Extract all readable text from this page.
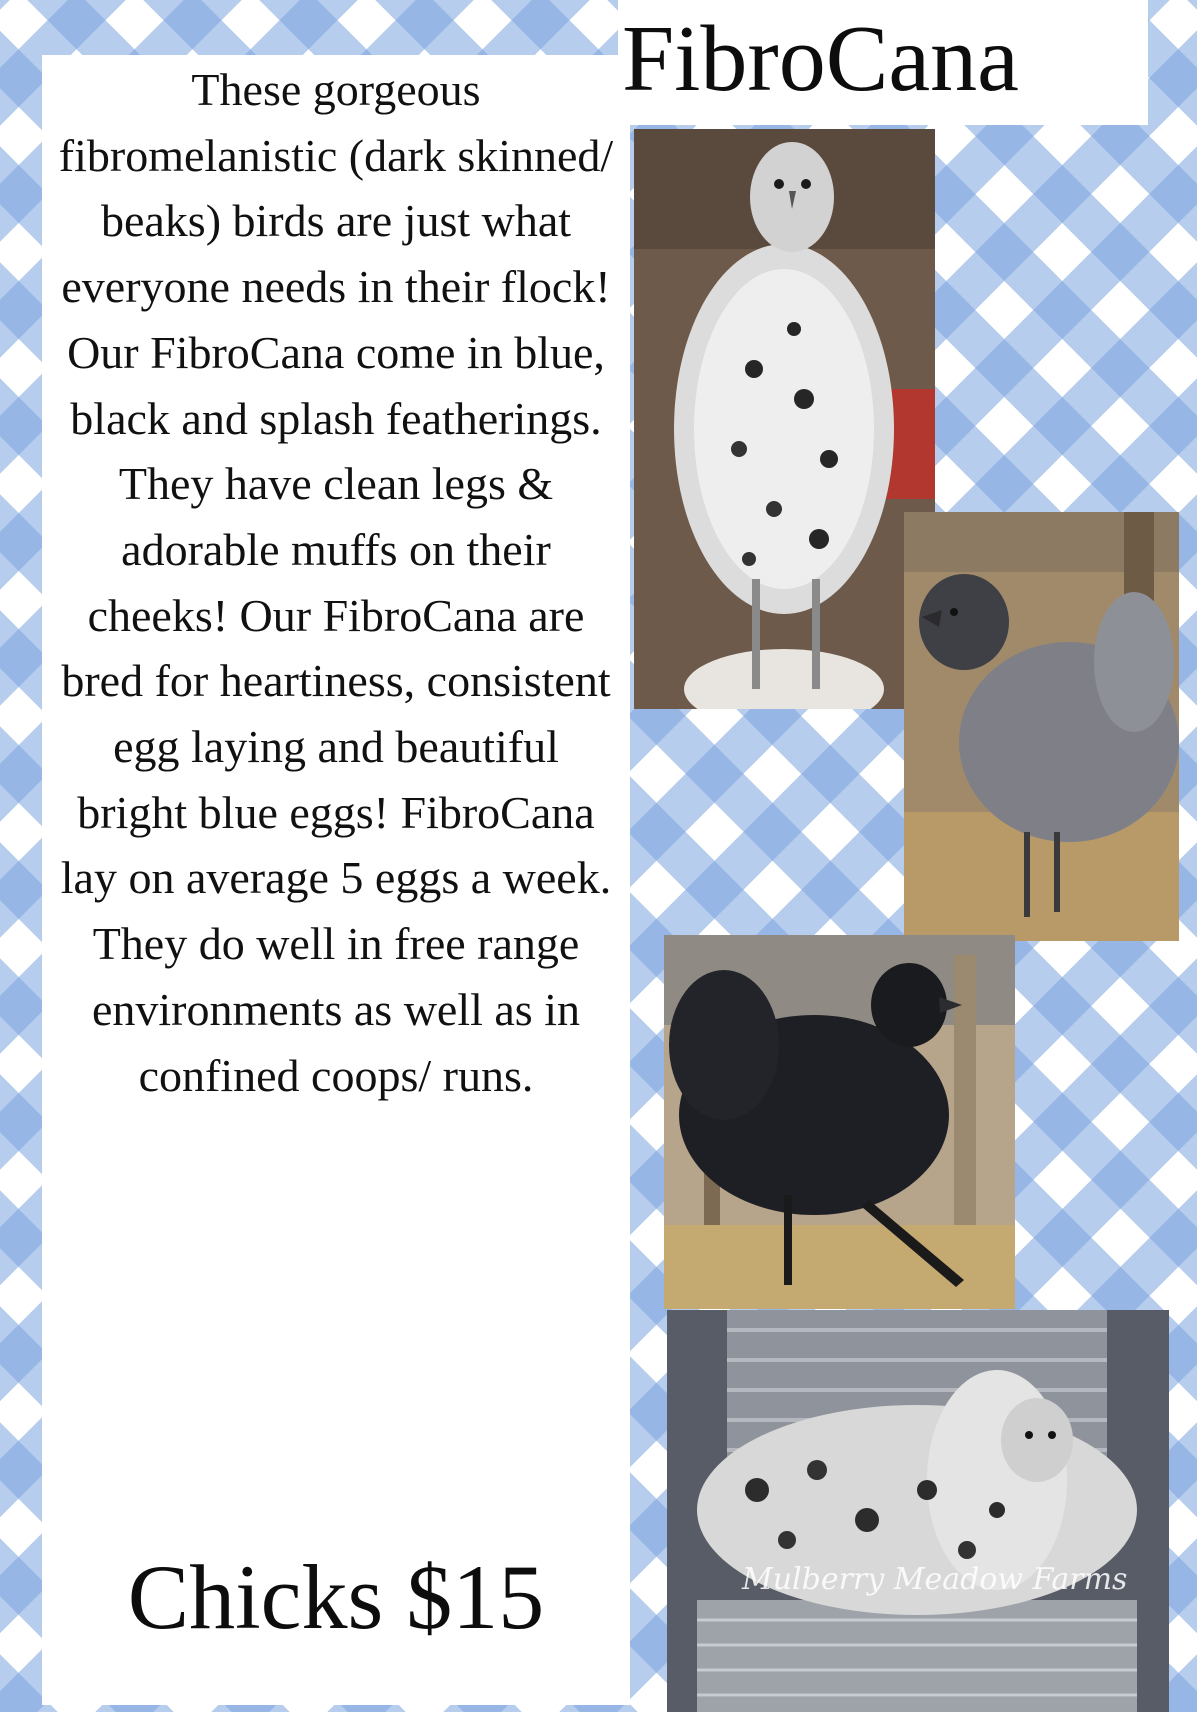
FibroCana

These gorgeous fibromelanistic (dark skinned/ beaks) birds are just what everyone needs in their flock! Our FibroCana come in blue, black and splash featherings. They have clean legs & adorable muffs on their cheeks! Our FibroCana are bred for heartiness, consistent egg laying and beautiful bright blue eggs! FibroCana lay on average 5 eggs a week. They do well in free range environments as well as in confined coops/ runs.

Chicks $15	Mulberry Meadow Farms
